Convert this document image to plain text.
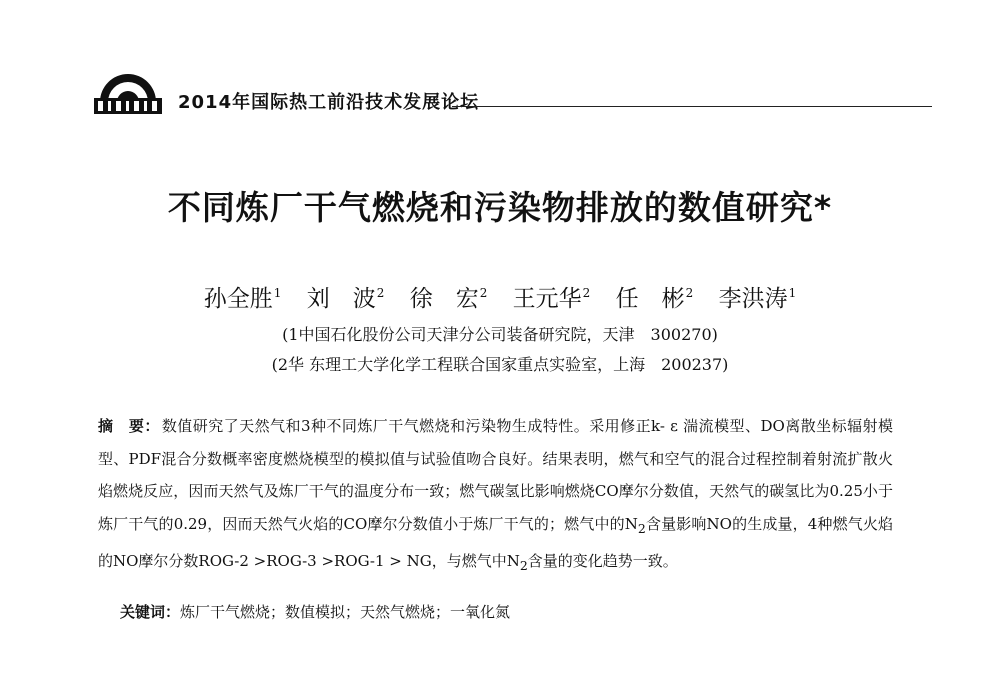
2014年国际热工前沿技术发展论坛
不同炼厂干气燃烧和污染物排放的数值研究*
孙全胜$^1$ 刘　波$^2$ 徐　宏$^2$ 王元华$^2$ 任　彬$^2$ 李洪涛$^1$
(1中国石化股份公司天津分公司装备研究院，天津　300270)
(2华 东理工大学化学工程联合国家重点实验室，上海　200237)

摘　要： 数值研究了天然气和3种不同炼厂干气燃烧和污染物生成特性。采用修正k- ε 湍流模型、DO离散坐标辐射模型、PDF混合分数概率密度燃烧模型的模拟值与试验值吻合良好。结果表明，燃气和空气的混合过程控制着射流扩散火焰燃烧反应，因而天然气及炼厂干气的温度分布一致；燃气碳氢比影响燃烧CO摩尔分数值，天然气的碳氢比为0.25小于炼厂干气的0.29，因而天然气火焰的CO摩尔分数值小于炼厂干气的；燃气中的$N_2$含量影响NO的生成量，4种燃气火焰的NO摩尔分数ROG-2 >ROG-3 >ROG-1 > NG，与燃气中$N_2$含量的变化趋势一致。

关键词：炼厂干气燃烧；数值模拟；天然气燃烧；一氧化氮
